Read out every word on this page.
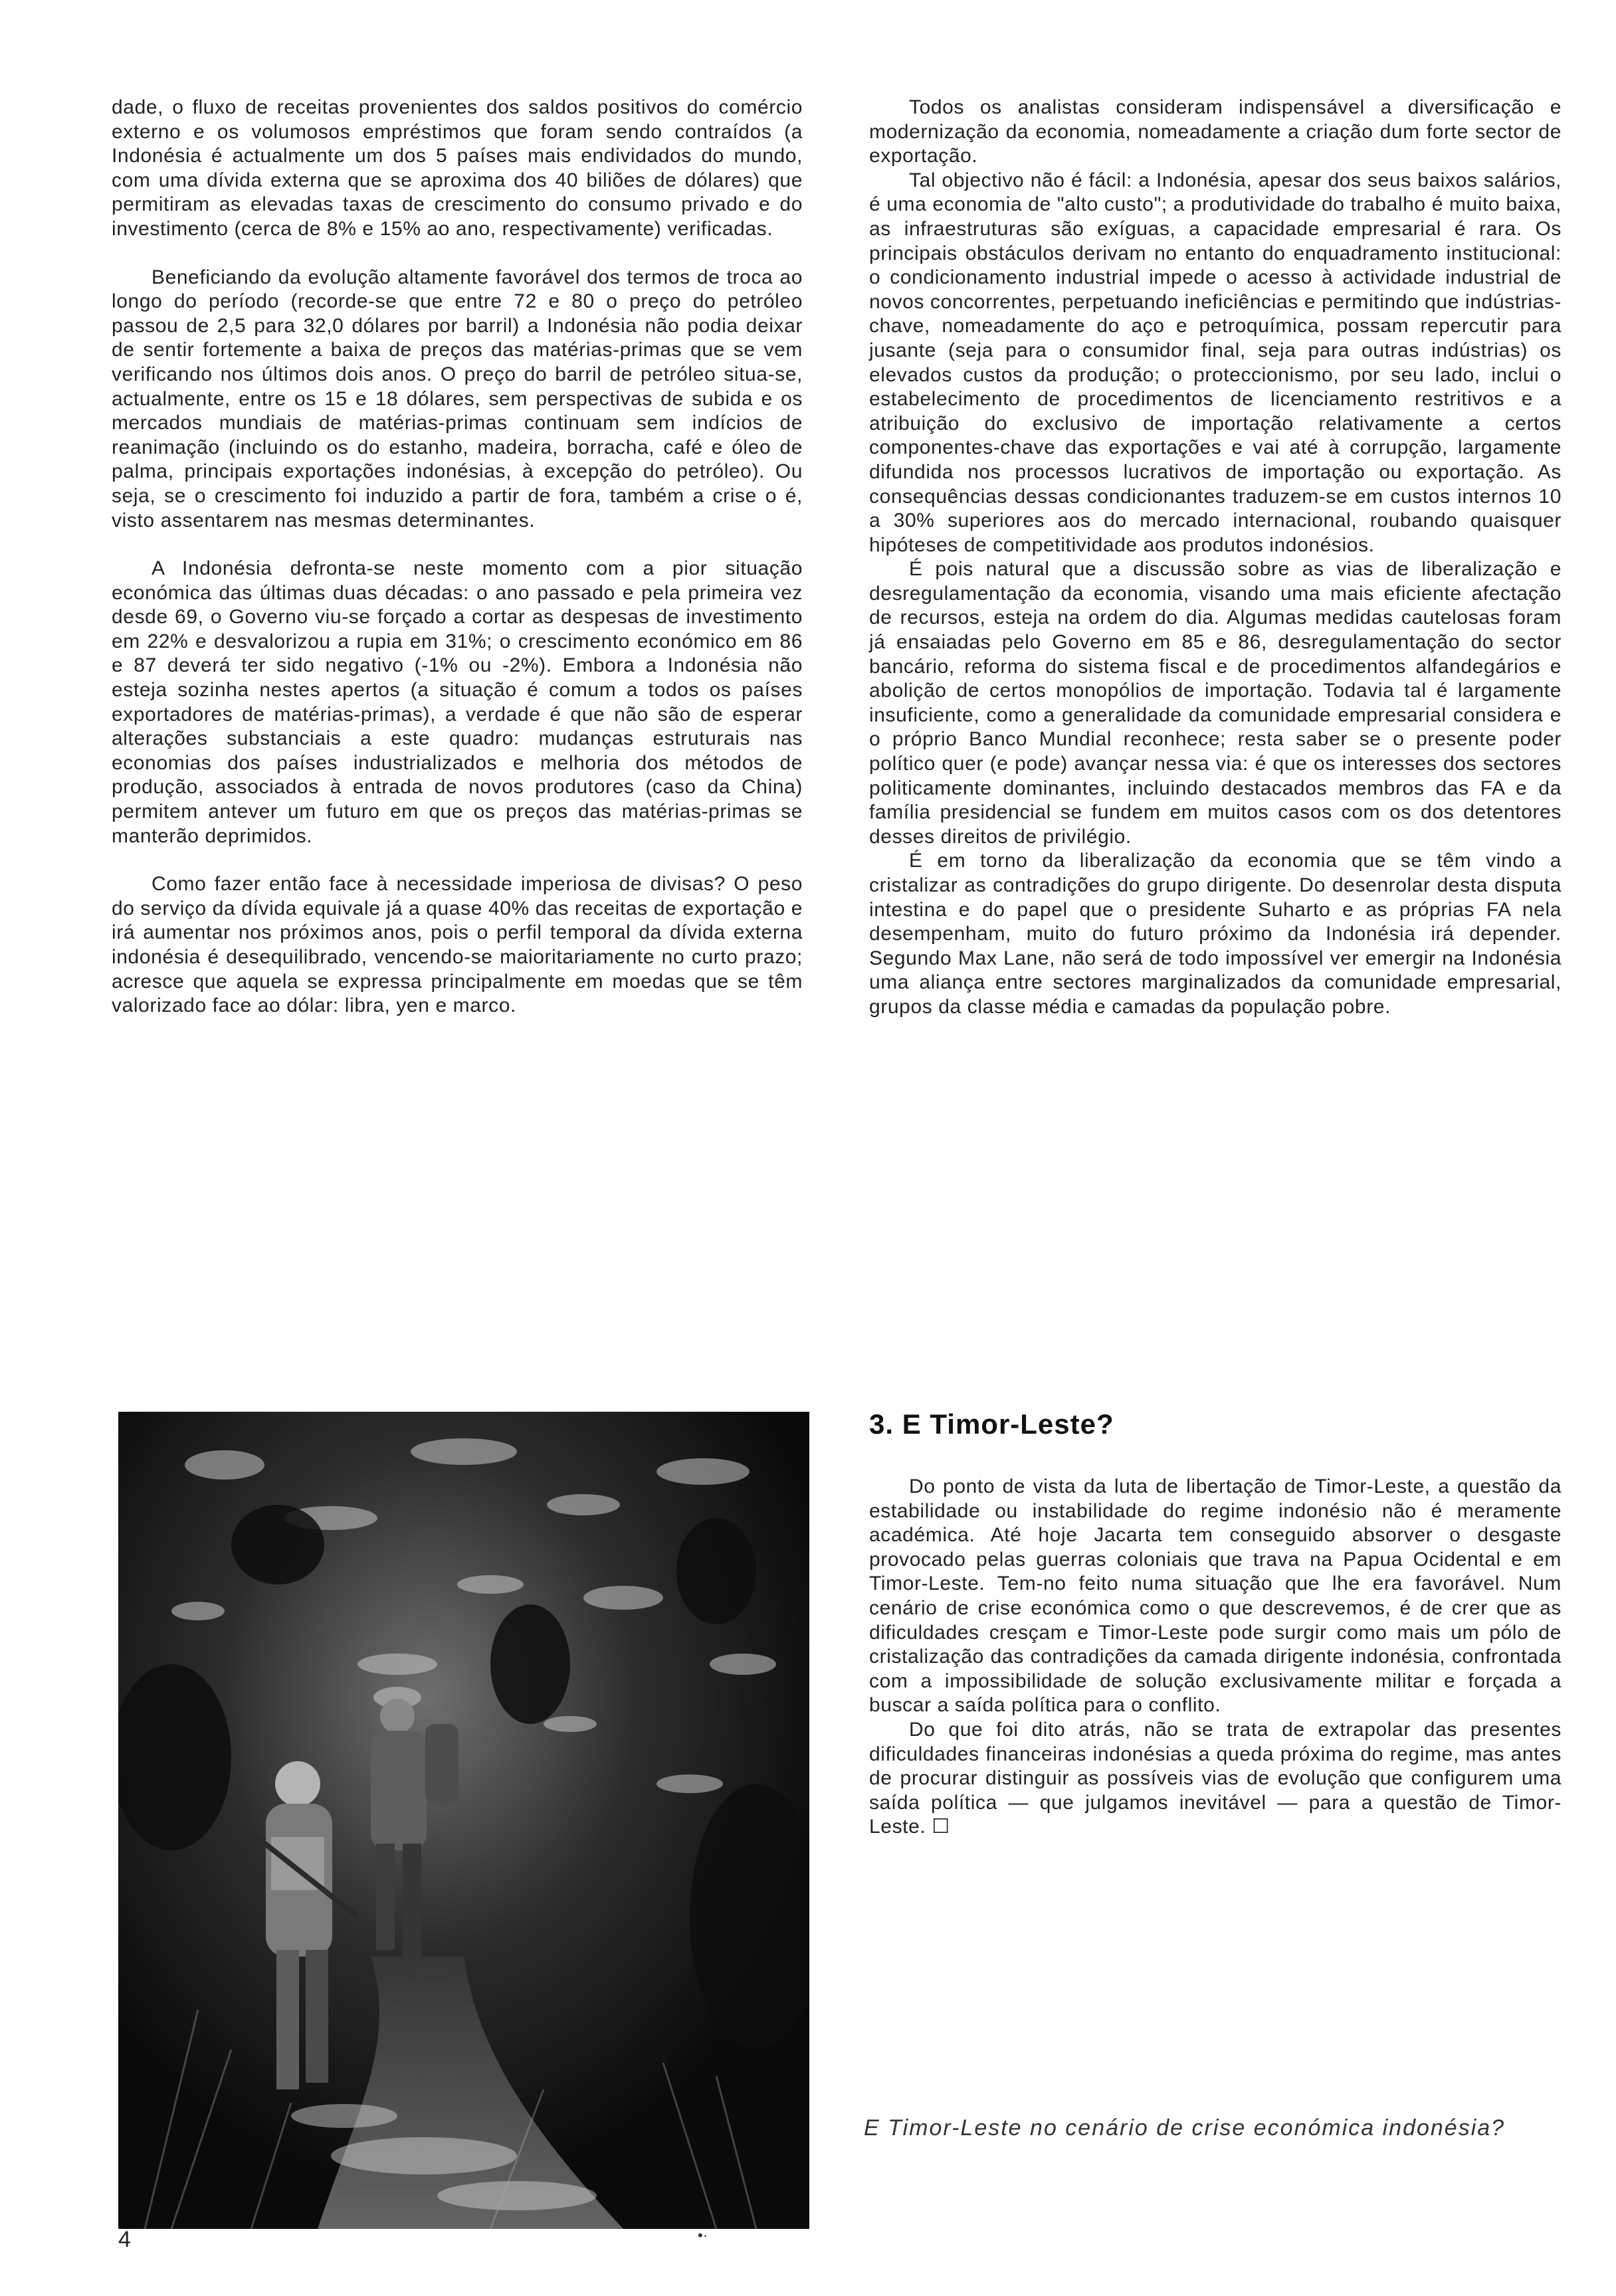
dade, o fluxo de receitas provenientes dos saldos positivos do comércio externo e os volumosos empréstimos que foram sendo contraídos (a Indonésia é actualmente um dos 5 países mais endividados do mundo, com uma dívida externa que se aproxima dos 40 biliões de dólares) que permitiram as elevadas taxas de crescimento do consumo privado e do investimento (cerca de 8% e 15% ao ano, respectivamente) verificadas.

Beneficiando da evolução altamente favorável dos termos de troca ao longo do período (recorde-se que entre 72 e 80 o preço do petróleo passou de 2,5 para 32,0 dólares por barril) a Indonésia não podia deixar de sentir fortemente a baixa de preços das matérias-primas que se vem verificando nos últimos dois anos. O preço do barril de petróleo situa-se, actualmente, entre os 15 e 18 dólares, sem perspectivas de subida e os mercados mundiais de matérias-primas continuam sem indícios de reanimação (incluindo os do estanho, madeira, borracha, café e óleo de palma, principais exportações indonésias, à excepção do petróleo). Ou seja, se o crescimento foi induzido a partir de fora, também a crise o é, visto assentarem nas mesmas determinantes.

A Indonésia defronta-se neste momento com a pior situação económica das últimas duas décadas: o ano passado e pela primeira vez desde 69, o Governo viu-se forçado a cortar as despesas de investimento em 22% e desvalorizou a rupia em 31%; o crescimento económico em 86 e 87 deverá ter sido negativo (-1% ou -2%). Embora a Indonésia não esteja sozinha nestes apertos (a situação é comum a todos os países exportadores de matérias-primas), a verdade é que não são de esperar alterações substanciais a este quadro: mudanças estruturais nas economias dos países industrializados e melhoria dos métodos de produção, associados à entrada de novos produtores (caso da China) permitem antever um futuro em que os preços das matérias-primas se manterão deprimidos.

Como fazer então face à necessidade imperiosa de divisas? O peso do serviço da dívida equivale já a quase 40% das receitas de exportação e irá aumentar nos próximos anos, pois o perfil temporal da dívida externa indonésia é desequilibrado, vencendo-se maioritariamente no curto prazo; acresce que aquela se expressa principalmente em moedas que se têm valorizado face ao dólar: libra, yen e marco.

Todos os analistas consideram indispensável a diversificação e modernização da economia, nomeadamente a criação dum forte sector de exportação.

Tal objectivo não é fácil: a Indonésia, apesar dos seus baixos salários, é uma economia de "alto custo"; a produtividade do trabalho é muito baixa, as infraestruturas são exíguas, a capacidade empresarial é rara. Os principais obstáculos derivam no entanto do enquadramento institucional: o condicionamento industrial impede o acesso à actividade industrial de novos concorrentes, perpetuando ineficiências e permitindo que indústrias-chave, nomeadamente do aço e petroquímica, possam repercutir para jusante (seja para o consumidor final, seja para outras indústrias) os elevados custos da produção; o proteccionismo, por seu lado, inclui o estabelecimento de procedimentos de licenciamento restritivos e a atribuição do exclusivo de importação relativamente a certos componentes-chave das exportações e vai até à corrupção, largamente difundida nos processos lucrativos de importação ou exportação. As consequências dessas condicionantes traduzem-se em custos internos 10 a 30% superiores aos do mercado internacional, roubando quaisquer hipóteses de competitividade aos produtos indonésios.

É pois natural que a discussão sobre as vias de liberalização e desregulamentação da economia, visando uma mais eficiente afectação de recursos, esteja na ordem do dia. Algumas medidas cautelosas foram já ensaiadas pelo Governo em 85 e 86, desregulamentação do sector bancário, reforma do sistema fiscal e de procedimentos alfandegários e abolição de certos monopólios de importação. Todavia tal é largamente insuficiente, como a generalidade da comunidade empresarial considera e o próprio Banco Mundial reconhece; resta saber se o presente poder político quer (e pode) avançar nessa via: é que os interesses dos sectores politicamente dominantes, incluindo destacados membros das FA e da família presidencial se fundem em muitos casos com os dos detentores desses direitos de privilégio.

É em torno da liberalização da economia que se têm vindo a cristalizar as contradições do grupo dirigente. Do desenrolar desta disputa intestina e do papel que o presidente Suharto e as próprias FA nela desempenham, muito do futuro próximo da Indonésia irá depender. Segundo Max Lane, não será de todo impossível ver emergir na Indonésia uma aliança entre sectores marginalizados da comunidade empresarial, grupos da classe média e camadas da população pobre.

3. E Timor-Leste?

Do ponto de vista da luta de libertação de Timor-Leste, a questão da estabilidade ou instabilidade do regime indonésio não é meramente académica. Até hoje Jacarta tem conseguido absorver o desgaste provocado pelas guerras coloniais que trava na Papua Ocidental e em Timor-Leste. Tem-no feito numa situação que lhe era favorável. Num cenário de crise económica como o que descrevemos, é de crer que as dificuldades cresçam e Timor-Leste pode surgir como mais um pólo de cristalização das contradições da camada dirigente indonésia, confrontada com a impossibilidade de solução exclusivamente militar e forçada a buscar a saída política para o conflito.

Do que foi dito atrás, não se trata de extrapolar das presentes dificuldades financeiras indonésias a queda próxima do regime, mas antes de procurar distinguir as possíveis vias de evolução que configurem uma saída política — que julgamos inevitável — para a questão de Timor-Leste. ☐

E Timor-Leste no cenário de crise económica indonésia?
4	•·
